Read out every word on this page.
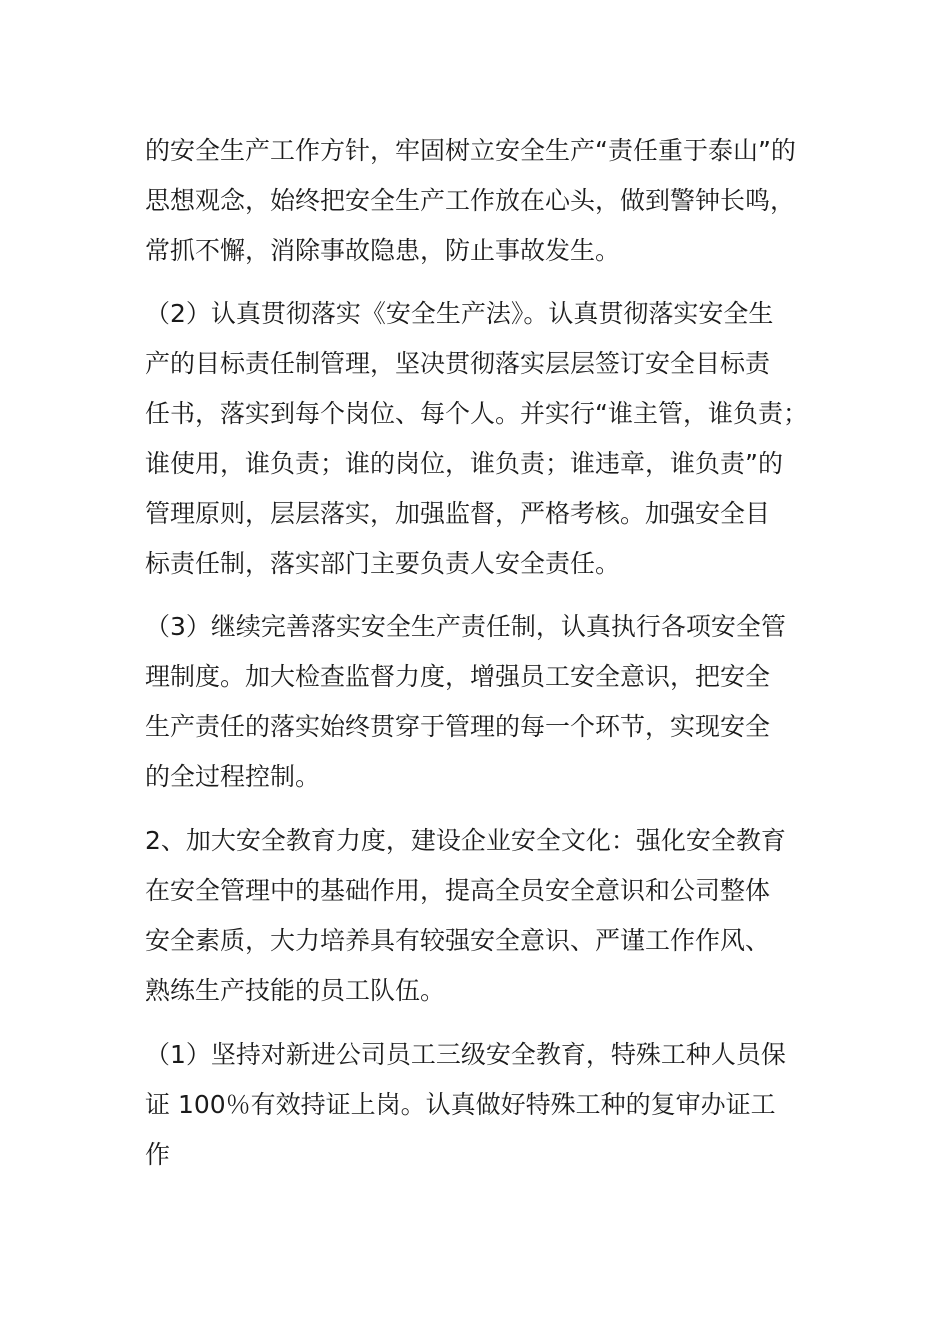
的安全生产工作方针，牢固树立安全生产“责任重于泰山”的
思想观念，始终把安全生产工作放在心头，做到警钟长鸣，
常抓不懈，消除事故隐患，防止事故发生。
（2）认真贯彻落实《安全生产法》。认真贯彻落实安全生
产的目标责任制管理，坚决贯彻落实层层签订安全目标责
任书，落实到每个岗位、每个人。并实行“谁主管，谁负责；
谁使用，谁负责；谁的岗位，谁负责；谁违章，谁负责”的
管理原则，层层落实，加强监督，严格考核。加强安全目
标责任制，落实部门主要负责人安全责任。
（3）继续完善落实安全生产责任制，认真执行各项安全管
理制度。加大检查监督力度，增强员工安全意识，把安全
生产责任的落实始终贯穿于管理的每一个环节，实现安全
的全过程控制。
2、加大安全教育力度，建设企业安全文化：强化安全教育
在安全管理中的基础作用，提高全员安全意识和公司整体
安全素质，大力培养具有较强安全意识、严谨工作作风、
熟练生产技能的员工队伍。
（1）坚持对新进公司员工三级安全教育，特殊工种人员保
证 100％有效持证上岗。认真做好特殊工种的复审办证工
作
